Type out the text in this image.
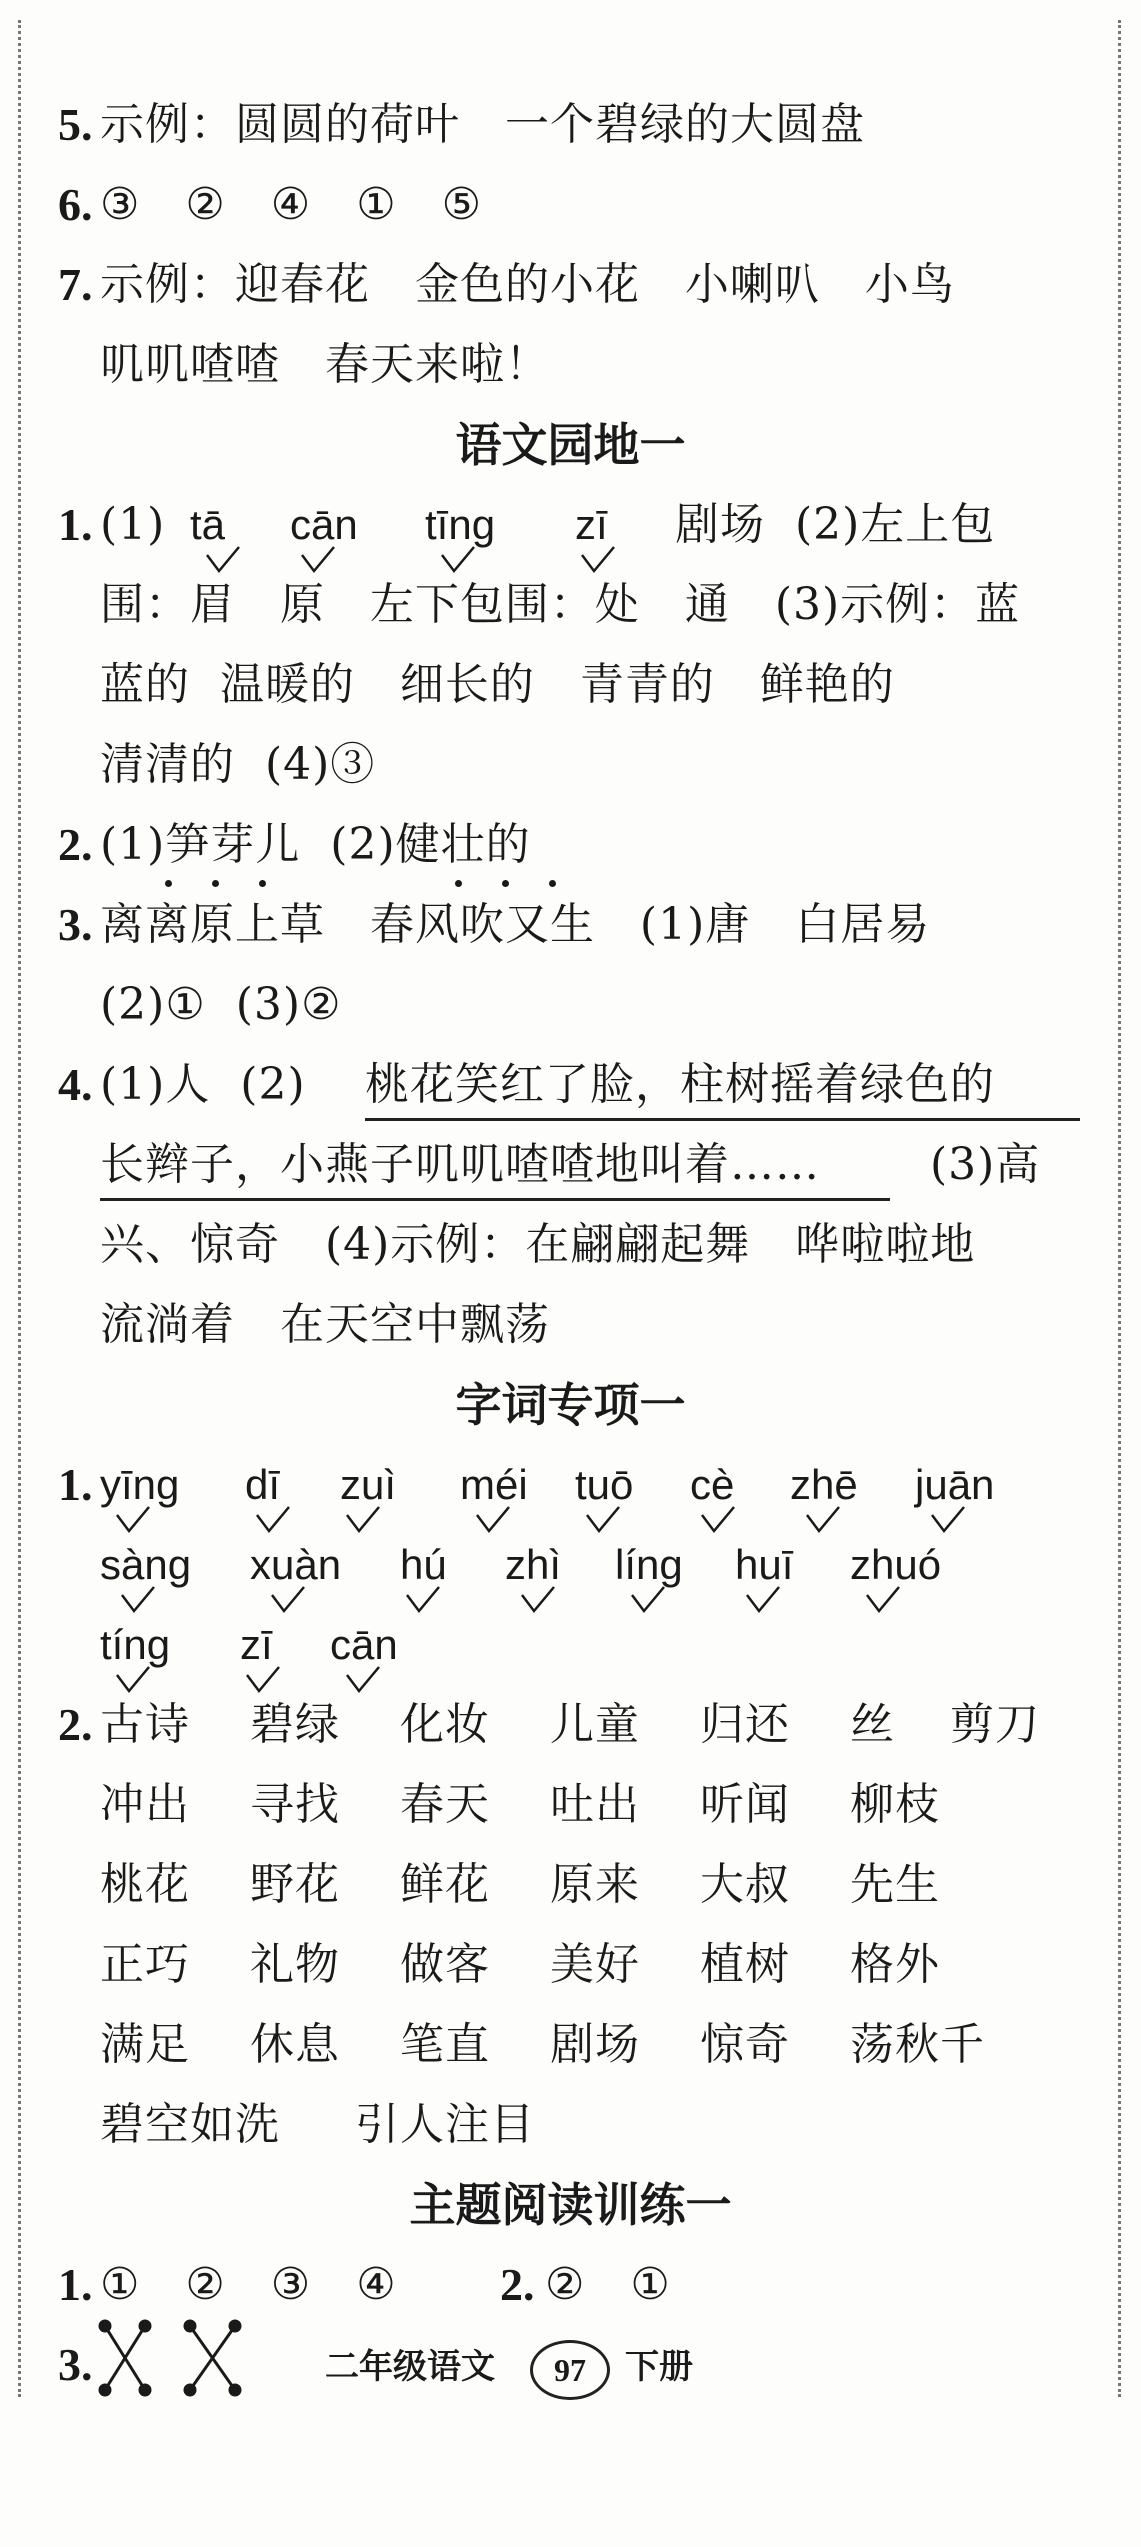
5. 示例：圆圆的荷叶   一个碧绿的大圆盘
6. ③   ②   ④   ①   ⑤
7. 示例：迎春花   金色的小花   小喇叭   小鸟
叽叽喳喳   春天来啦！
语文园地一
1. (1) tā cān tīng zī 剧场  (2)左上包
围：眉   原   左下包围：处   通   (3)示例：蓝
蓝的  温暖的   细长的   青青的   鲜艳的
清清的  (4)③
2. (1)笋芽儿  (2)健壮的
3. 离离原上草   春风吹又生   (1)唐   白居易
(2)①  (3)②
4. (1)人  (2) 桃花笑红了脸，柱树摇着绿色的
长辫子，小燕子叽叽喳喳地叫着…… (3)高
兴、惊奇   (4)示例：在翩翩起舞   哗啦啦地
流淌着   在天空中飘荡
字词专项一
1. yīng dī zuì méi tuō cè zhē juān
sàng xuàn hú zhì líng huī zhuó
tíng zī cān
2. 古诗 碧绿 化妆 儿童 归还 丝 剪刀
冲出 寻找 春天 吐出 听闻 柳枝
桃花 野花 鲜花 原来 大叔 先生
正巧 礼物 做客 美好 植树 格外
满足 休息 笔直 剧场 惊奇 荡秋千
碧空如洗 引人注目
主题阅读训练一
1. ①   ②   ③   ④ 2. ②   ①
3.	二年级语文	97	下册
